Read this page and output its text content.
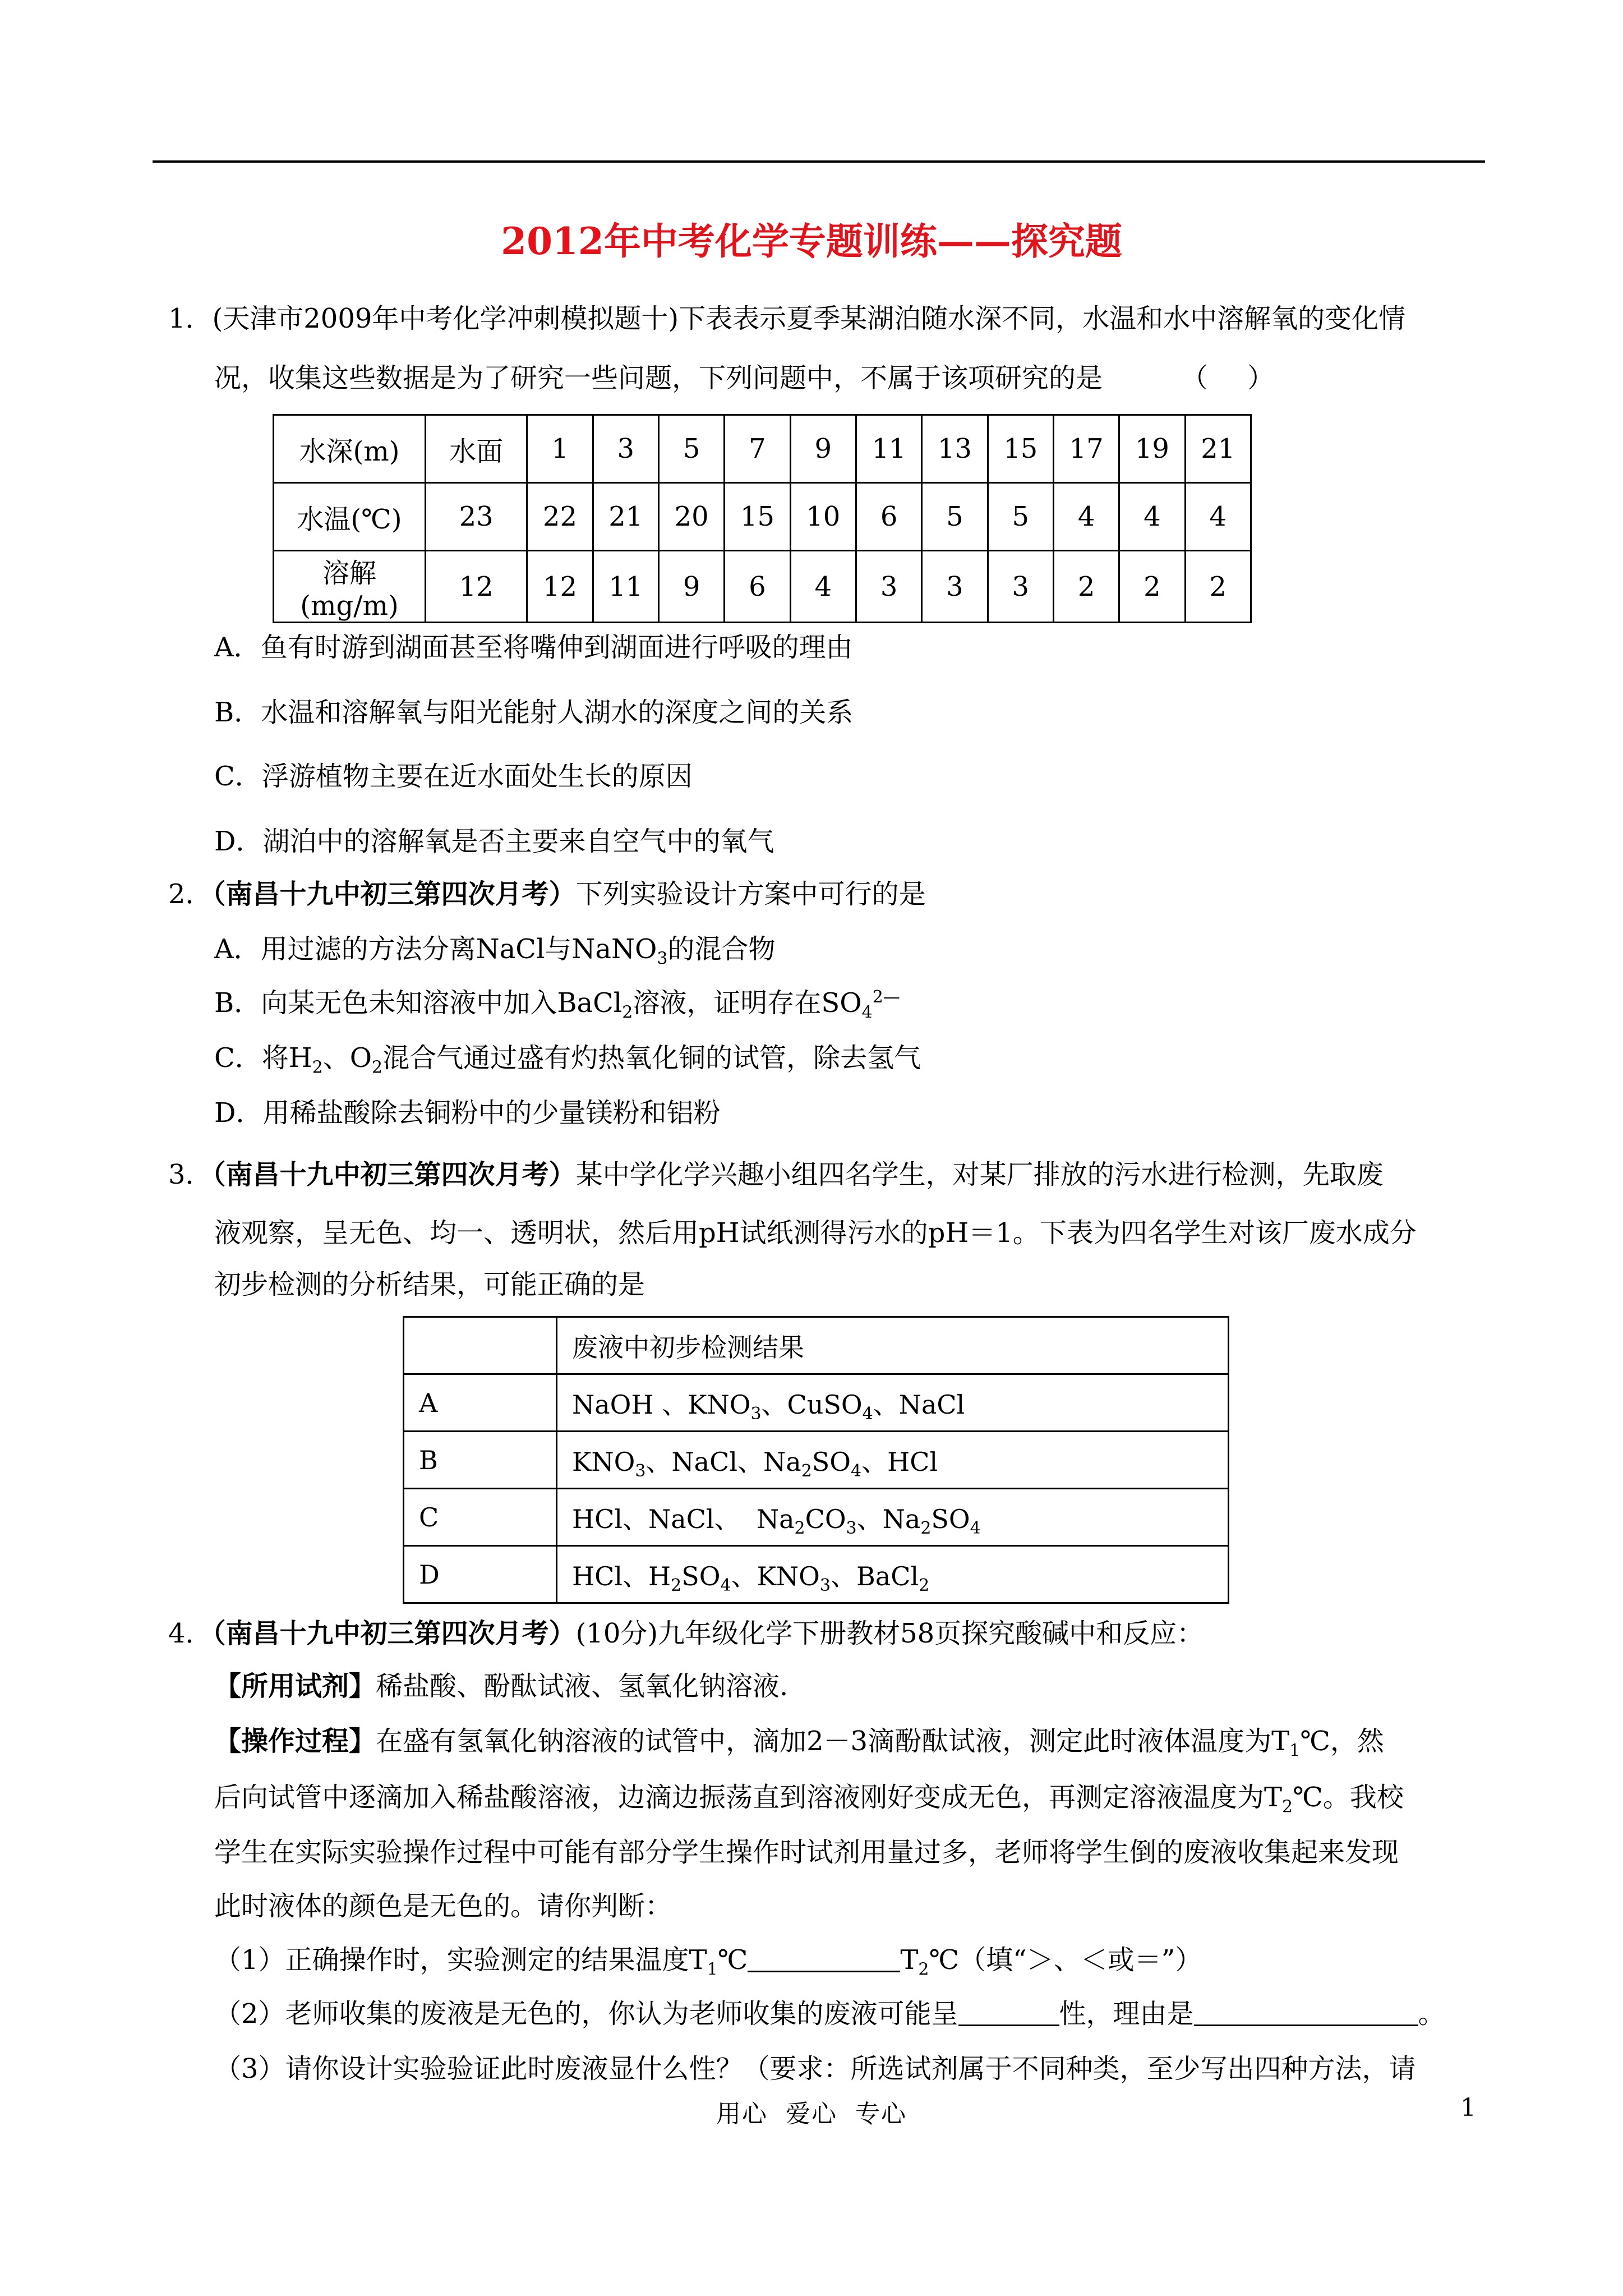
2012年中考化学专题训练——探究题
1．(天津市2009年中考化学冲刺模拟题十)下表表示夏季某湖泊随水深不同，水温和水中溶解氧的变化情
况，收集这些数据是为了研究一些问题，下列问题中，不属于该项研究的是	（ ）
水深(m)	水面	1	3	5	7	9	11	13	15	17	19	21
水温(℃)	23	22	21	20	15	10	6	5	5	4	4	4
溶解(mg/m)	12	12	11	9	6	4	3	3	3	2	2	2
A．鱼有时游到湖面甚至将嘴伸到湖面进行呼吸的理由
B．水温和溶解氧与阳光能射人湖水的深度之间的关系
C．浮游植物主要在近水面处生长的原因
D．湖泊中的溶解氧是否主要来自空气中的氧气
2．（南昌十九中初三第四次月考）下列实验设计方案中可行的是
A．用过滤的方法分离NaCl与NaNO$_3$的混合物
B．向某无色未知溶液中加入BaCl$_2$溶液，证明存在$SO_4^{2—}$
C．将$H_2$、$O_2$混合气通过盛有灼热氧化铜的试管，除去氢气
D．用稀盐酸除去铜粉中的少量镁粉和铝粉
3．（南昌十九中初三第四次月考）某中学化学兴趣小组四名学生，对某厂排放的污水进行检测，先取废
液观察，呈无色、均一、透明状，然后用pH试纸测得污水的pH＝1。下表为四名学生对该厂废水成分
初步检测的分析结果，可能正确的是
	废液中初步检测结果
A	NaOH 、$KNO_3$、CuSO$_4$、NaCl
B	$KNO_3$、NaCl、$Na_2SO_4$、HCl
C	HCl、NaCl、  $Na_2CO_3$、$Na_2SO_4$
D	HCl、$H_2SO_4$、$KNO_3$、BaCl$_2$
4．（南昌十九中初三第四次月考）(10分)九年级化学下册教材58页探究酸碱中和反应：
【所用试剂】稀盐酸、酚酞试液、氢氧化钠溶液.
【操作过程】在盛有氢氧化钠溶液的试管中，滴加2－3滴酚酞试液，测定此时液体温度为$T_1℃$，然
后向试管中逐滴加入稀盐酸溶液，边滴边振荡直到溶液刚好变成无色，再测定溶液温度为$T_2℃$。我校
学生在实际实验操作过程中可能有部分学生操作时试剂用量过多，老师将学生倒的废液收集起来发现
此时液体的颜色是无色的。请你判断：
（1）正确操作时，实验测定的结果温度$T_1℃$	$T_2℃$（填“＞、＜或＝”）
（2）老师收集的废液是无色的，你认为老师收集的废液可能呈	性，理由是	。
（3）请你设计实验验证此时废液显什么性？（要求：所选试剂属于不同种类，至少写出四种方法，请
用心  爱心  专心	1
